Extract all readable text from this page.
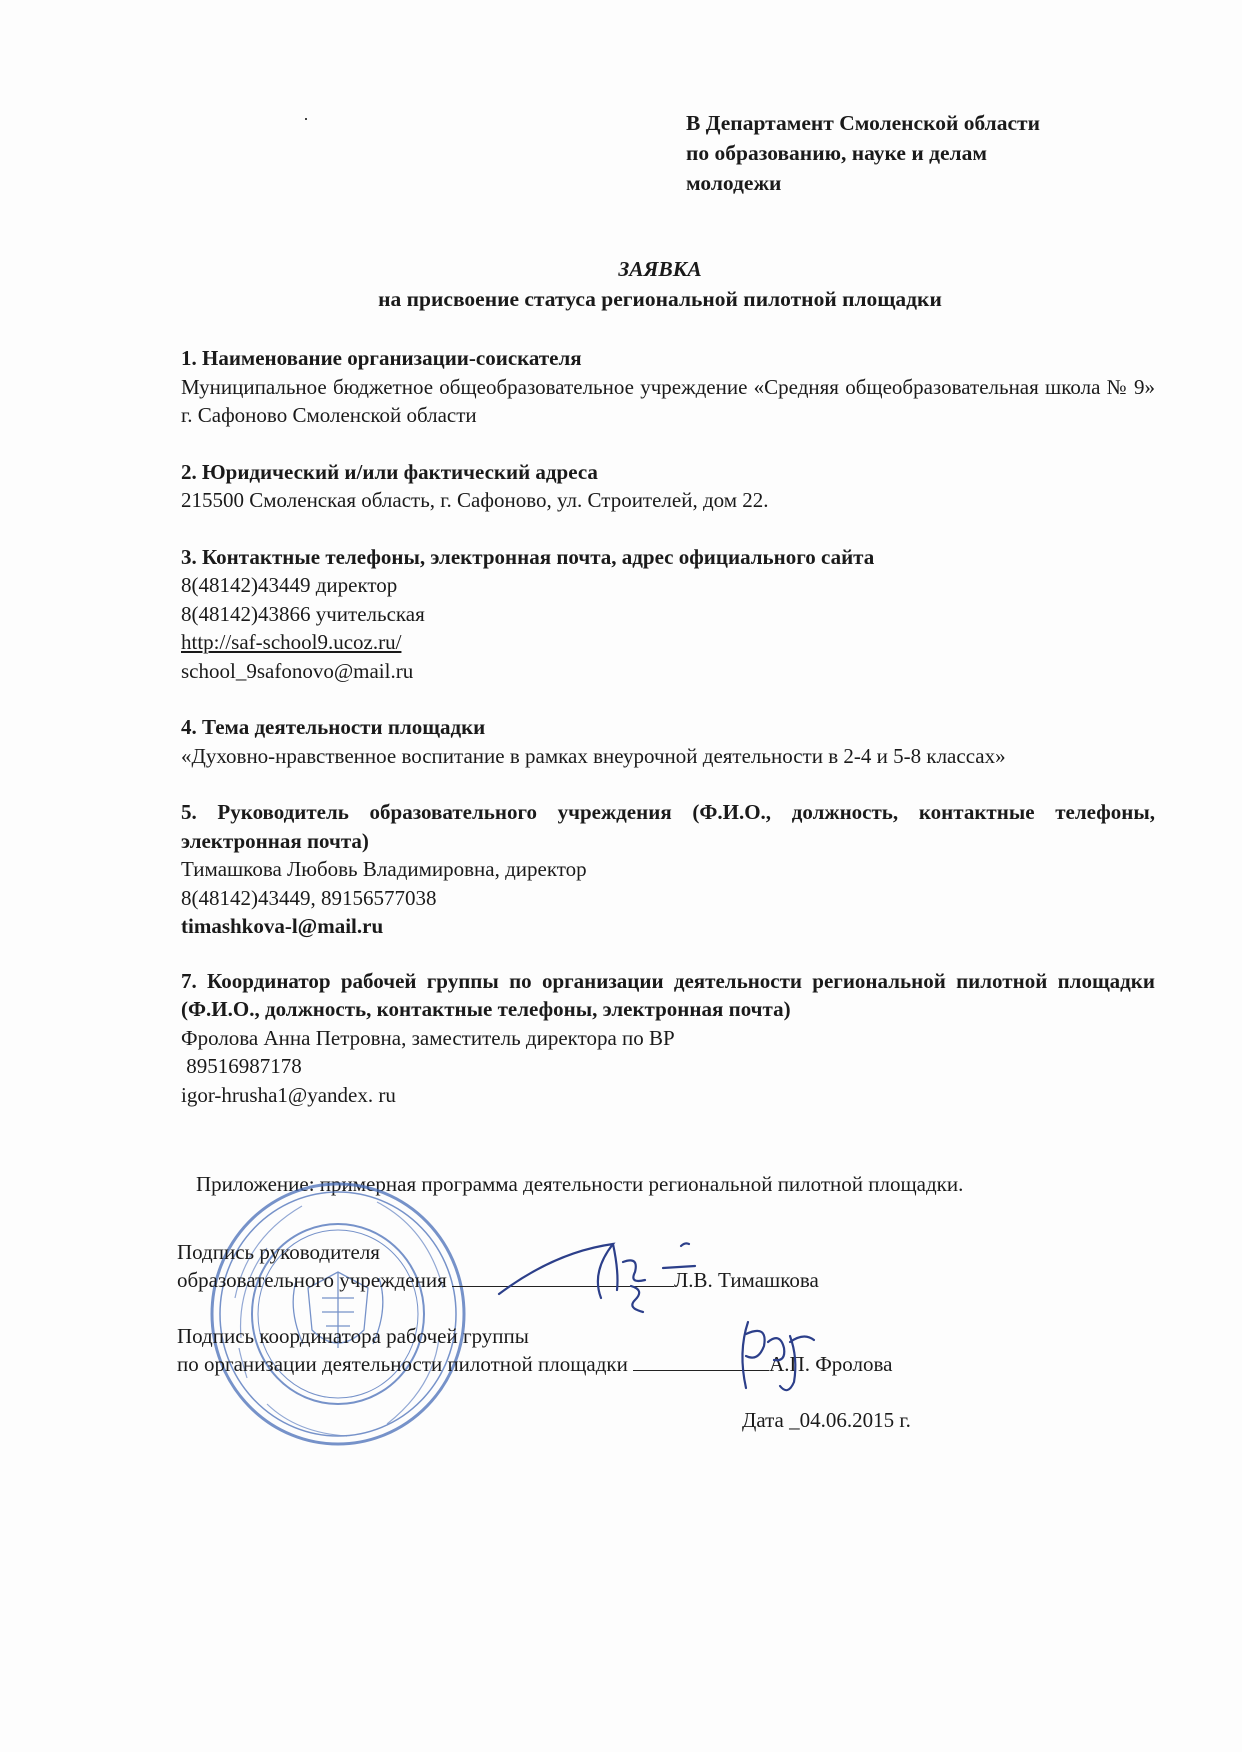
В Департамент Смоленской области
по образованию, науке и делам
молодежи
ЗАЯВКА
на присвоение статуса региональной пилотной площадки
1. Наименование организации-соискателя
Муниципальное бюджетное общеобразовательное учреждение «Средняя общеобразовательная школа № 9» г. Сафоново Смоленской области
2. Юридический и/или фактический адреса
215500 Смоленская область, г. Сафоново, ул. Строителей, дом 22.
3. Контактные телефоны, электронная почта, адрес официального сайта
8(48142)43449 директор
8(48142)43866 учительская
http://saf-school9.ucoz.ru/
school_9safonovo@mail.ru
4. Тема деятельности площадки
«Духовно-нравственное воспитание в рамках внеурочной деятельности в 2-4 и 5-8 классах»
5. Руководитель образовательного учреждения (Ф.И.О., должность, контактные телефоны, электронная почта)
Тимашкова Любовь Владимировна, директор
8(48142)43449, 89156577038
timashkova-l@mail.ru
7. Координатор рабочей группы по организации деятельности региональной пилотной площадки (Ф.И.О., должность, контактные телефоны, электронная почта)
Фролова Анна Петровна, заместитель директора по ВР
89516987178
igor-hrusha1@yandex. ru
Приложение: примерная программа деятельности региональной пилотной площадки.
Подпись руководителя
образовательного учреждения	Л.В. Тимашкова
Подпись координатора рабочей группы
по организации деятельности пилотной площадки	А.П. Фролова
Дата _04.06.2015 г.
